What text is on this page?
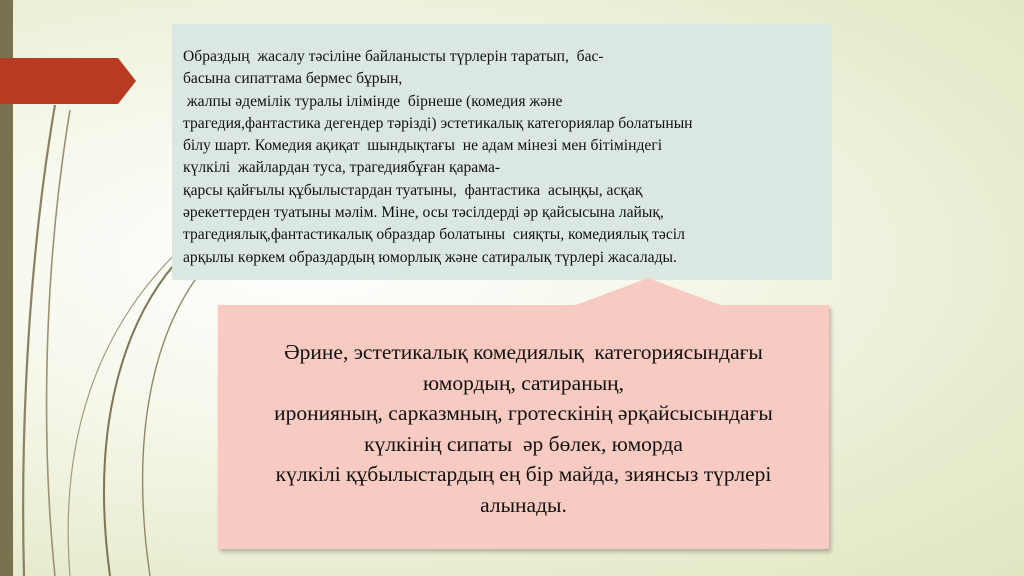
Образдың  жасалу тәсіліне байланысты түрлерін таратып,  бас-
басына сипаттама бермес бұрын,
жалпы әдемілік туралы ілімінде  бірнеше (комедия және
трагедия,фантастика дегендер тәрізді) эстетикалық категориялар болатынын
білу шарт. Комедия ақиқат  шындықтағы  не адам мінезі мен бітіміндегі
күлкілі  жайлардан туса, трагедиябұған қарама-
қарсы қайғылы құбылыстардан туатыны,  фантастика  асыңқы, асқақ
әрекеттерден туатыны мәлім. Міне, осы тәсілдерді әр қайсысына лайық,
трагедиялық,фантастикалық образдар болатыны  сияқты, комедиялық тәсіл
арқылы көркем образдардың юморлық және сатиралық түрлері жасалады.
Әрине, эстетикалық комедиялық  категориясындағы
юмордың, сатираның,
иронияның, сарказмның, гротескінің әрқайсысындағы
күлкінің сипаты  әр бөлек, юморда
күлкілі құбылыстардың ең бір майда, зиянсыз түрлері
алынады.
